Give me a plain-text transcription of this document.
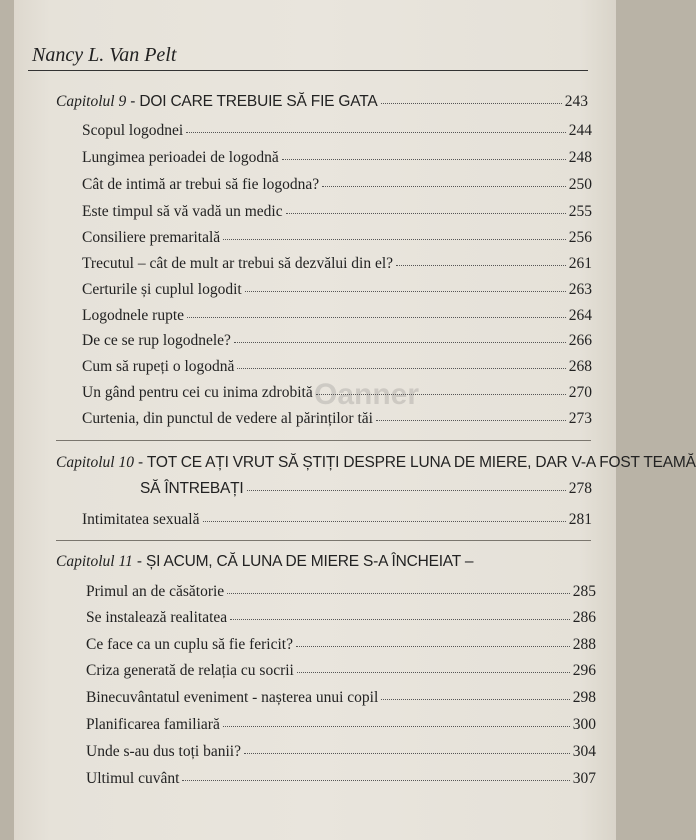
Nancy L. Van Pelt
Capitolul 9 - DOI CARE TREBUIE SĂ FIE GATA	243
Scopul logodnei	244
Lungimea perioadei de logodnă	248
Cât de intimă ar trebui să fie logodna?	250
Este timpul să vă vadă un medic	255
Consiliere premaritală	256
Trecutul – cât de mult ar trebui să dezvălui din el?	261
Certurile și cuplul logodit	263
Logodnele rupte	264
De ce se rup logodnele?	266
Cum să rupeți o logodnă	268
Un gând pentru cei cu inima zdrobită	270
Curtenia, din punctul de vedere al părinților tăi	273
Capitolul 10 - TOT CE AȚI VRUT SĂ ȘTIȚI DESPRE LUNA DE MIERE, DAR V-A FOST TEAMĂ
SĂ ÎNTREBAȚI	278
Intimitatea sexuală	281
Capitolul 11 - ȘI ACUM, CĂ LUNA DE MIERE S-A ÎNCHEIAT –
Primul an de căsătorie	285
Se instalează realitatea	286
Ce face ca un cuplu să fie fericit?	288
Criza generată de relația cu socrii	296
Binecuvântatul eveniment - nașterea unui copil	298
Planificarea familiară	300
Unde s-au dus toți banii?	304
Ultimul cuvânt	307
Oanner
